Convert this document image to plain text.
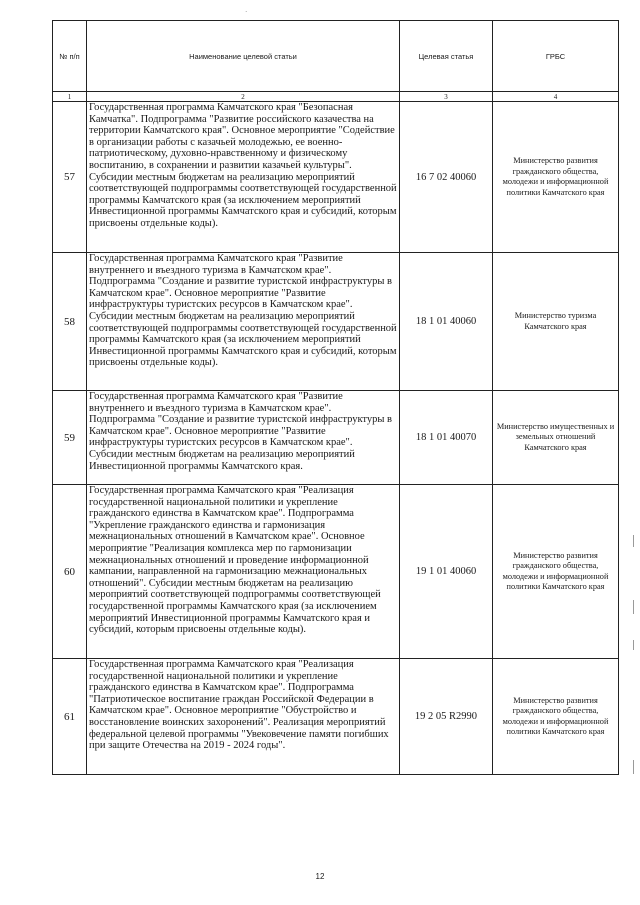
·
№ п/п	Наименование целевой статьи	Целевая статья	ГРБС
1	2	3	4
57	Государственная программа Камчатского края "Безопасная Камчатка". Подпрограмма "Развитие российского казачества на территории Камчатского края". Основное мероприятие "Содействие в организации работы с казачьей молодежью, ее военно-патриотическому, духовно-нравственному и физическому воспитанию, в сохранении и развитии казачьей культуры". Субсидии местным бюджетам на реализацию мероприятий соответствующей подпрограммы соответствующей государственной программы Камчатского края (за исключением мероприятий Инвестиционной программы Камчатского края и субсидий, которым присвоены отдельные коды).	16 7 02 40060	Министерство развития гражданского общества, молодежи и информационной политики Камчатского края
58	Государственная программа Камчатского края "Развитие внутреннего и въездного туризма в Камчатском крае". Подпрограмма "Создание и развитие туристской инфраструктуры в Камчатском крае". Основное мероприятие "Развитие инфраструктуры туристских ресурсов в Камчатском крае". Субсидии местным бюджетам на реализацию мероприятий соответствующей подпрограммы соответствующей государственной программы Камчатского края (за исключением мероприятий Инвестиционной программы Камчатского края и субсидий, которым присвоены отдельные коды).	18 1 01 40060	Министерство туризма Камчатского края
59	Государственная программа Камчатского края "Развитие внутреннего и въездного туризма в Камчатском крае". Подпрограмма "Создание и развитие туристской инфраструктуры в Камчатском крае". Основное мероприятие "Развитие инфраструктуры туристских ресурсов в Камчатском крае". Субсидии местным бюджетам на реализацию мероприятий Инвестиционной программы Камчатского края.	18 1 01 40070	Министерство имущественных и земельных отношений Камчатского края
60	Государственная программа Камчатского края "Реализация государственной национальной политики и укрепление гражданского единства в Камчатском крае". Подпрограмма "Укрепление гражданского единства и гармонизация межнациональных отношений в Камчатском крае". Основное мероприятие "Реализация комплекса мер по гармонизации межнациональных отношений и проведение информационной кампании, направленной на гармонизацию межнациональных отношений". Субсидии местным бюджетам на реализацию мероприятий соответствующей подпрограммы соответствующей государственной программы Камчатского края (за исключением мероприятий Инвестиционной программы Камчатского края и субсидий, которым присвоены отдельные коды).	19 1 01 40060	Министерство развития гражданского общества, молодежи и информационной политики Камчатского края
61	Государственная программа Камчатского края "Реализация государственной национальной политики и укрепление гражданского единства в Камчатском крае". Подпрограмма "Патриотическое воспитание граждан Российской Федерации в Камчатском крае". Основное мероприятие "Обустройство и восстановление воинских захоронений". Реализация мероприятий федеральной целевой программы "Увековечение памяти погибших при защите Отечества на 2019 - 2024 годы".	19 2 05 R2990	Министерство развития гражданского общества, молодежи и информационной политики Камчатского края
12
